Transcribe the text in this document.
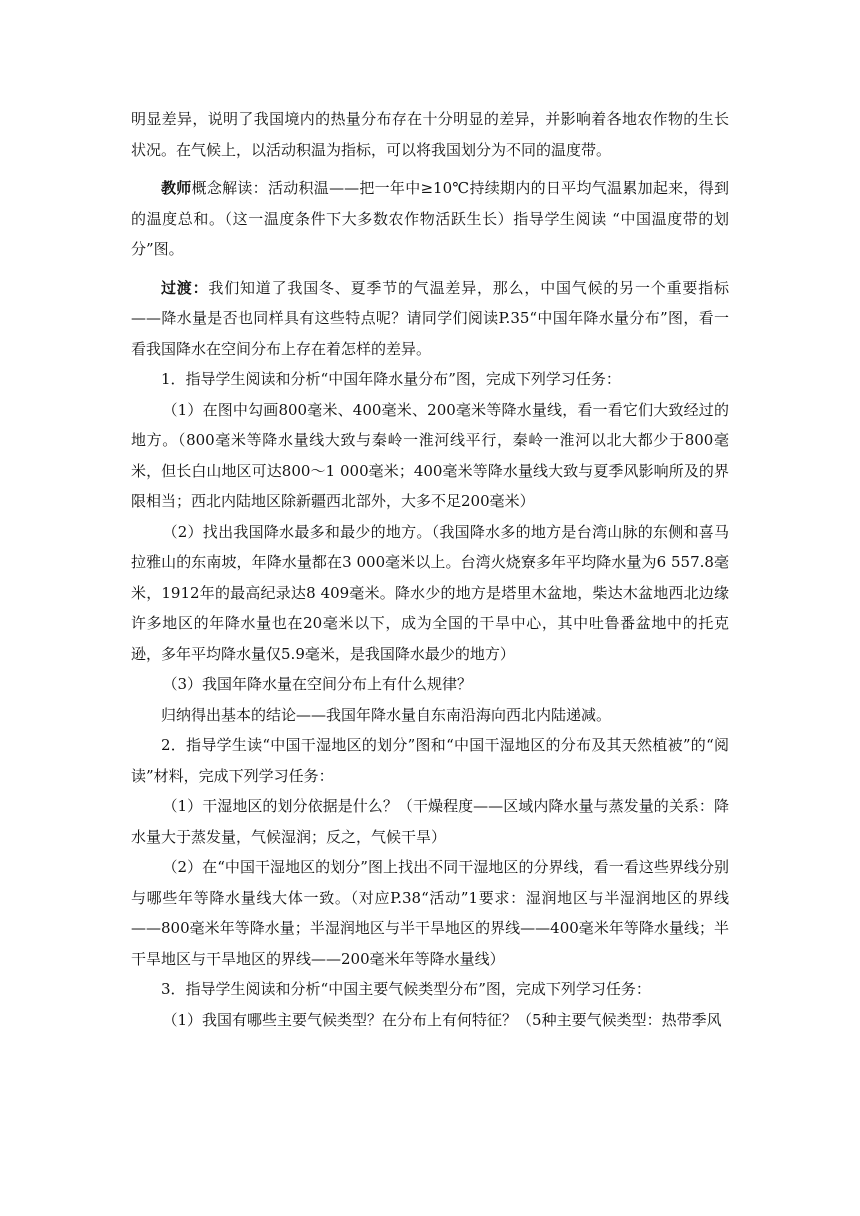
明显差异，说明了我国境内的热量分布存在十分明显的差异，并影响着各地农作物的生长状况。在气候上，以活动积温为指标，可以将我国划分为不同的温度带。

教师概念解读：活动积温——把一年中≥10℃持续期内的日平均气温累加起来，得到的温度总和。（这一温度条件下大多数农作物活跃生长）指导学生阅读 “中国温度带的划分”图。

过渡：我们知道了我国冬、夏季节的气温差异，那么，中国气候的另一个重要指标——降水量是否也同样具有这些特点呢？请同学们阅读P.35“中国年降水量分布”图，看一看我国降水在空间分布上存在着怎样的差异。

1．指导学生阅读和分析“中国年降水量分布”图，完成下列学习任务：

（1）在图中勾画800毫米、400毫米、200毫米等降水量线，看一看它们大致经过的地方。（800毫米等降水量线大致与秦岭一淮河线平行，秦岭一淮河以北大都少于800毫米，但长白山地区可达800～1 000毫米；400毫米等降水量线大致与夏季风影响所及的界限相当；西北内陆地区除新疆西北部外，大多不足200毫米）

（2）找出我国降水最多和最少的地方。（我国降水多的地方是台湾山脉的东侧和喜马拉雅山的东南坡，年降水量都在3 000毫米以上。台湾火烧寮多年平均降水量为6 557.8毫米，1912年的最高纪录达8 409毫米。降水少的地方是塔里木盆地，柴达木盆地西北边缘许多地区的年降水量也在20毫米以下，成为全国的干旱中心，其中吐鲁番盆地中的托克逊，多年平均降水量仅5.9毫米，是我国降水最少的地方）

（3）我国年降水量在空间分布上有什么规律？

归纳得出基本的结论——我国年降水量自东南沿海向西北内陆递减。

2．指导学生读“中国干湿地区的划分”图和“中国干湿地区的分布及其天然植被”的“阅读”材料，完成下列学习任务：

（1）干湿地区的划分依据是什么？（干燥程度——区域内降水量与蒸发量的关系：降水量大于蒸发量，气候湿润；反之，气候干旱）

（2）在“中国干湿地区的划分”图上找出不同干湿地区的分界线，看一看这些界线分别与哪些年等降水量线大体一致。（对应P.38“活动”1要求：湿润地区与半湿润地区的界线——800毫米年等降水量；半湿润地区与半干旱地区的界线——400毫米年等降水量线；半干旱地区与干旱地区的界线——200毫米年等降水量线）

3．指导学生阅读和分析“中国主要气候类型分布”图，完成下列学习任务：

（1）我国有哪些主要气候类型？在分布上有何特征？（5种主要气候类型：热带季风
